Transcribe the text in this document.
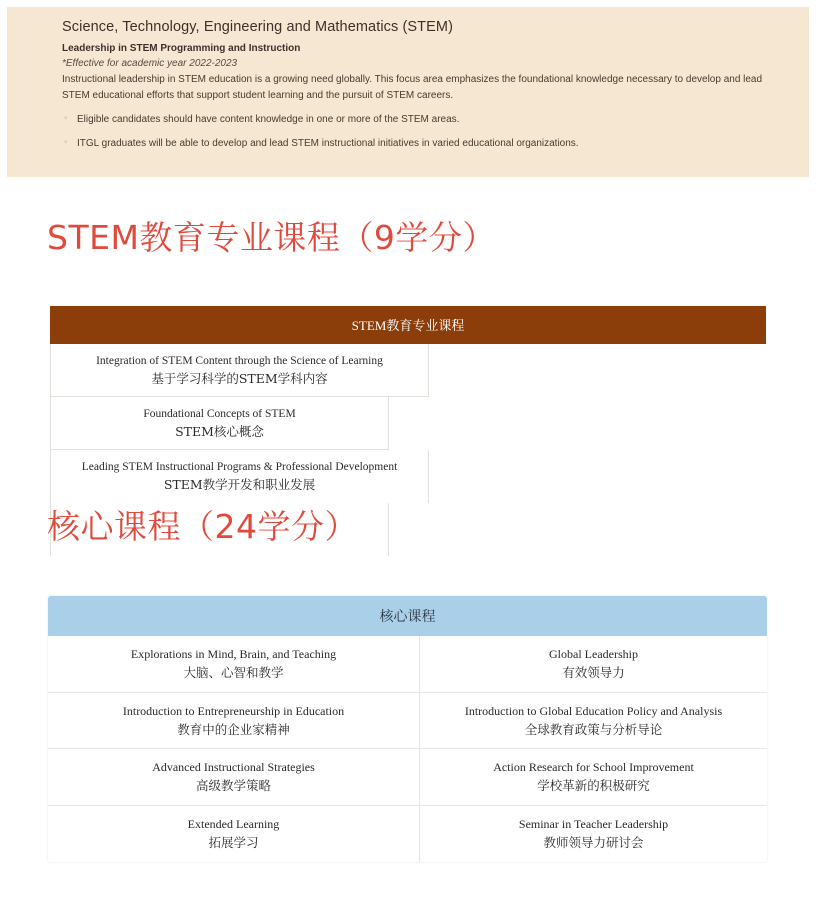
Science, Technology, Engineering and Mathematics (STEM)
Leadership in STEM Programming and Instruction
*Effective for academic year 2022-2023
Instructional leadership in STEM education is a growing need globally. This focus area emphasizes the foundational knowledge necessary to develop and lead STEM educational efforts that support student learning and the pursuit of STEM careers.
◦ Eligible candidates should have content knowledge in one or more of the STEM areas.
◦ ITGL graduates will be able to develop and lead STEM instructional initiatives in varied educational organizations.
STEM教育专业课程（9学分）
STEM教育专业课程
Integration of STEM Content through the Science of Learning
基于学习科学的STEM学科内容
Foundational Concepts of STEM
STEM核心概念
Leading STEM Instructional Programs & Professional Development
STEM教学开发和职业发展
核心课程（24学分）
核心课程
Explorations in Mind, Brain, and Teaching
大脑、心智和教学
Global Leadership
有效领导力
Introduction to Entrepreneurship in Education
教育中的企业家精神
Introduction to Global Education Policy and Analysis
全球教育政策与分析导论
Advanced Instructional Strategies
高级教学策略
Action Research for School Improvement
学校革新的积极研究
Extended Learning
拓展学习
Seminar in Teacher Leadership
教师领导力研讨会
